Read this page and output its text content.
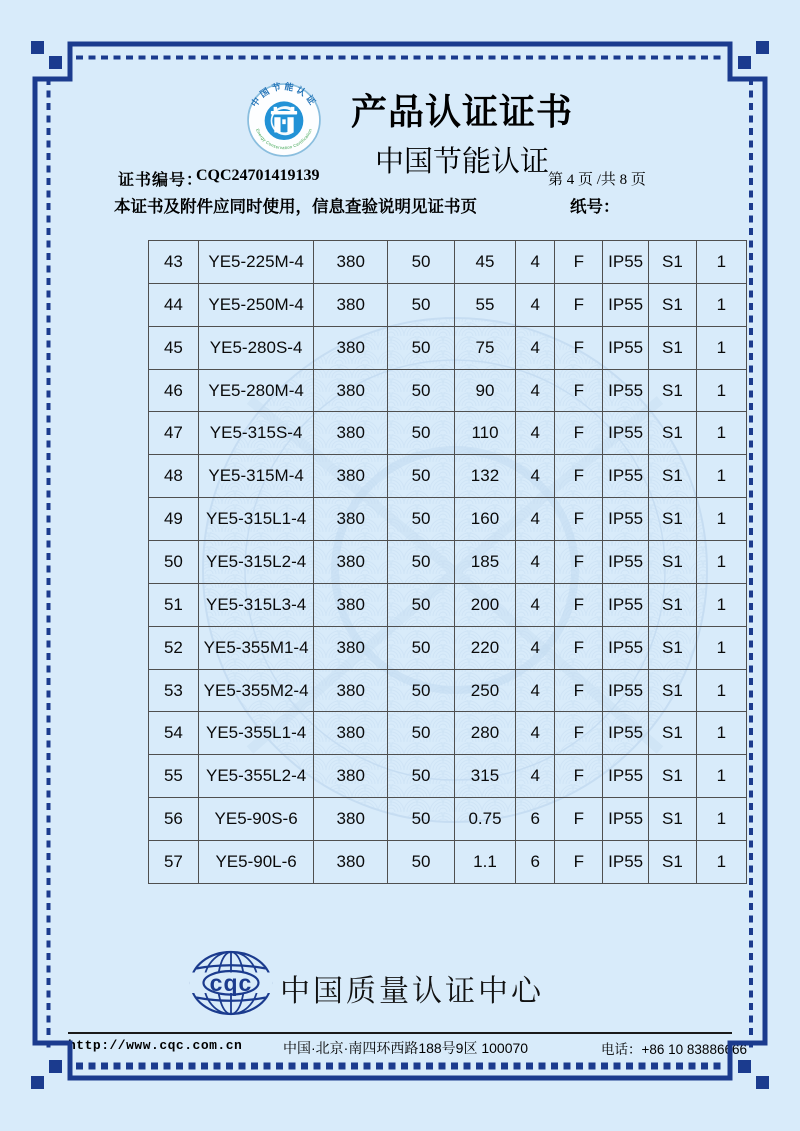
中国节能认证
Energy Conservation Certification	产品认证证书
中国节能认证
证书编号：
CQC24701419139	第 4 页 /共 8 页
本证书及附件应同时使用，信息查验说明见证书页	纸号：
43	YE5-225M-4	380	50	45	4	F	IP55	S1	1
44	YE5-250M-4	380	50	55	4	F	IP55	S1	1
45	YE5-280S-4	380	50	75	4	F	IP55	S1	1
46	YE5-280M-4	380	50	90	4	F	IP55	S1	1
47	YE5-315S-4	380	50	110	4	F	IP55	S1	1
48	YE5-315M-4	380	50	132	4	F	IP55	S1	1
49	YE5-315L1-4	380	50	160	4	F	IP55	S1	1
50	YE5-315L2-4	380	50	185	4	F	IP55	S1	1
51	YE5-315L3-4	380	50	200	4	F	IP55	S1	1
52	YE5-355M1-4	380	50	220	4	F	IP55	S1	1
53	YE5-355M2-4	380	50	250	4	F	IP55	S1	1
54	YE5-355L1-4	380	50	280	4	F	IP55	S1	1
55	YE5-355L2-4	380	50	315	4	F	IP55	S1	1
56	YE5-90S-6	380	50	0.75	6	F	IP55	S1	1
57	YE5-90L-6	380	50	1.1	6	F	IP55	S1	1
cqc 中国质量认证中心
http://www.cqc.com.cn	中国·北京·南四环西路188号9区 100070	电话：+86 10 83886666
